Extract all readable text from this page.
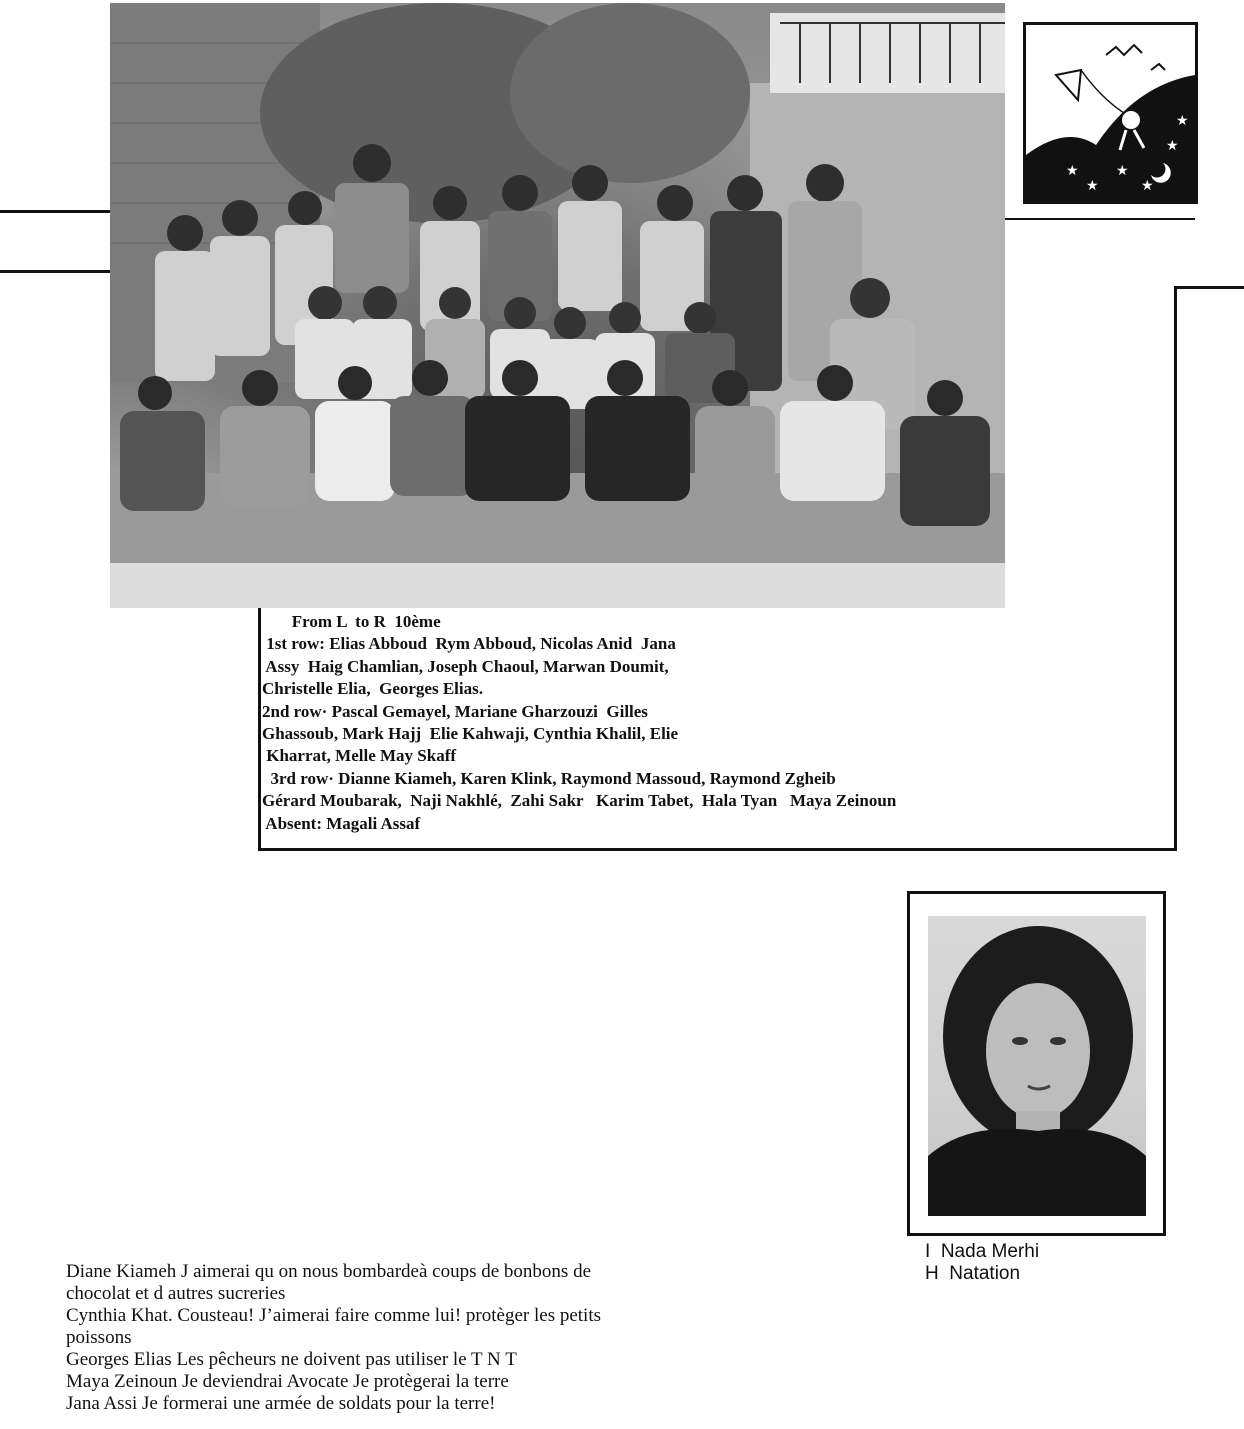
★
★
★
★
★
★
From L  to R  10ème
1st row: Elias Abboud  Rym Abboud, Nicolas Anid  Jana
Assy  Haig Chamlian, Joseph Chaoul, Marwan Doumit,
Christelle Elia,  Georges Elias.
2nd row· Pascal Gemayel, Mariane Gharzouzi  Gilles
Ghassoub, Mark Hajj  Elie Kahwaji, Cynthia Khalil, Elie
Kharrat, Melle May Skaff
3rd row· Dianne Kiameh, Karen Klink, Raymond Massoud, Raymond Zgheib
Gérard Moubarak,  Naji Nakhlé,  Zahi Sakr   Karim Tabet,  Hala Tyan   Maya Zeinoun
Absent: Magali Assaf
I  Nada Merhi
H  Natation
Diane Kiameh J aimerai qu on nous bombardeà coups de bonbons de
chocolat et d autres sucreries
Cynthia Khat. Cousteau! J’aimerai faire comme lui! protèger les petits
poissons
Georges Elias Les pêcheurs ne doivent pas utiliser le T N T
Maya Zeinoun Je deviendrai Avocate Je protègerai la terre
Jana Assi Je formerai une armée de soldats pour la terre!
